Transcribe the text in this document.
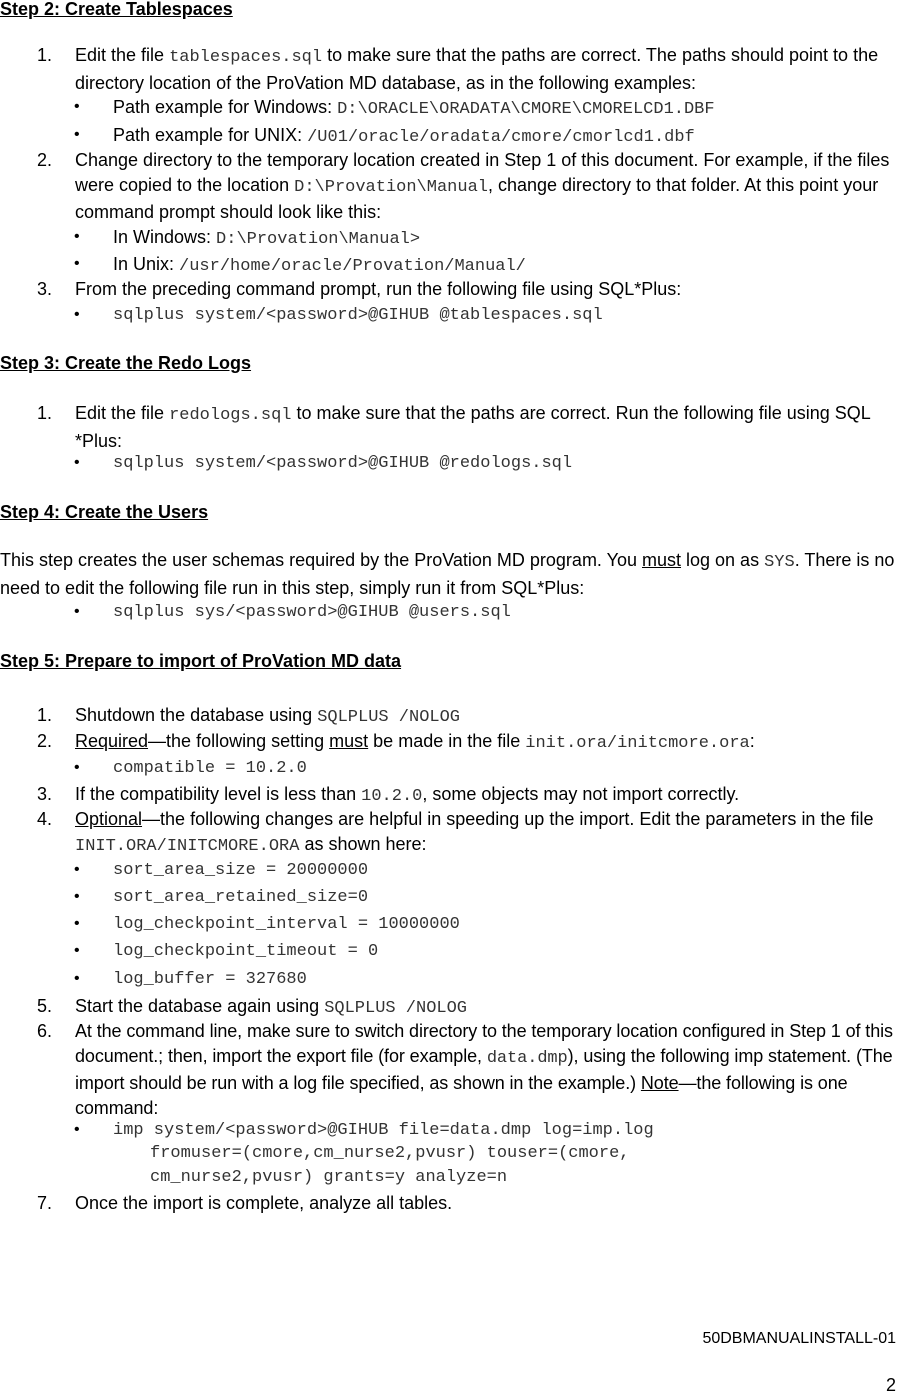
Step 2: Create Tablespaces

1.	Edit the file tablespaces.sql to make sure that the paths are correct. The paths should point to the directory location of the ProVation MD database, as in the following examples:

• Path example for Windows: D:\ORACLE\ORADATA\CMORE\CMORELCD1.DBF

• Path example for UNIX: /U01/oracle/oradata/cmore/cmorlcd1.dbf

2.	Change directory to the temporary location created in Step 1 of this document. For example, if the files were copied to the location D:\Provation\Manual, change directory to that folder. At this point your command prompt should look like this:

• In Windows: D:\Provation\Manual>

• In Unix: /usr/home/oracle/Provation/Manual/

3.	From the preceding command prompt, run the following file using SQL*Plus:

• sqlplus system/<password>@GIHUB @tablespaces.sql

Step 3: Create the Redo Logs

1.	Edit the file redologs.sql to make sure that the paths are correct. Run the following file using SQL *Plus:

• sqlplus system/<password>@GIHUB @redologs.sql

Step 4: Create the Users

This step creates the user schemas required by the ProVation MD program. You must log on as SYS. There is no need to edit the following file run in this step, simply run it from SQL*Plus:

• sqlplus sys/<password>@GIHUB @users.sql

Step 5: Prepare to import of ProVation MD data

1.	Shutdown the database using SQLPLUS /NOLOG

2.	Required—the following setting must be made in the file init.ora/initcmore.ora:

• compatible = 10.2.0

3.	If the compatibility level is less than 10.2.0, some objects may not import correctly.

4.	Optional—the following changes are helpful in speeding up the import. Edit the parameters in the file INIT.ORA/INITCMORE.ORA as shown here:

• sort_area_size = 20000000

• sort_area_retained_size=0

• log_checkpoint_interval = 10000000

• log_checkpoint_timeout = 0

• log_buffer = 327680

5.	Start the database again using SQLPLUS /NOLOG

6.	At the command line, make sure to switch directory to the temporary location configured in Step 1 of this document.; then, import the export file (for example, data.dmp), using the following imp statement. (The import should be run with a log file specified, as shown in the example.) Note—the following is one command:

• imp system/<password>@GIHUB file=data.dmp log=imp.log

fromuser=(cmore,cm_nurse2,pvusr) touser=(cmore,

cm_nurse2,pvusr) grants=y analyze=n

7.	Once the import is complete, analyze all tables.

50DBMANUALINSTALL-01
2
